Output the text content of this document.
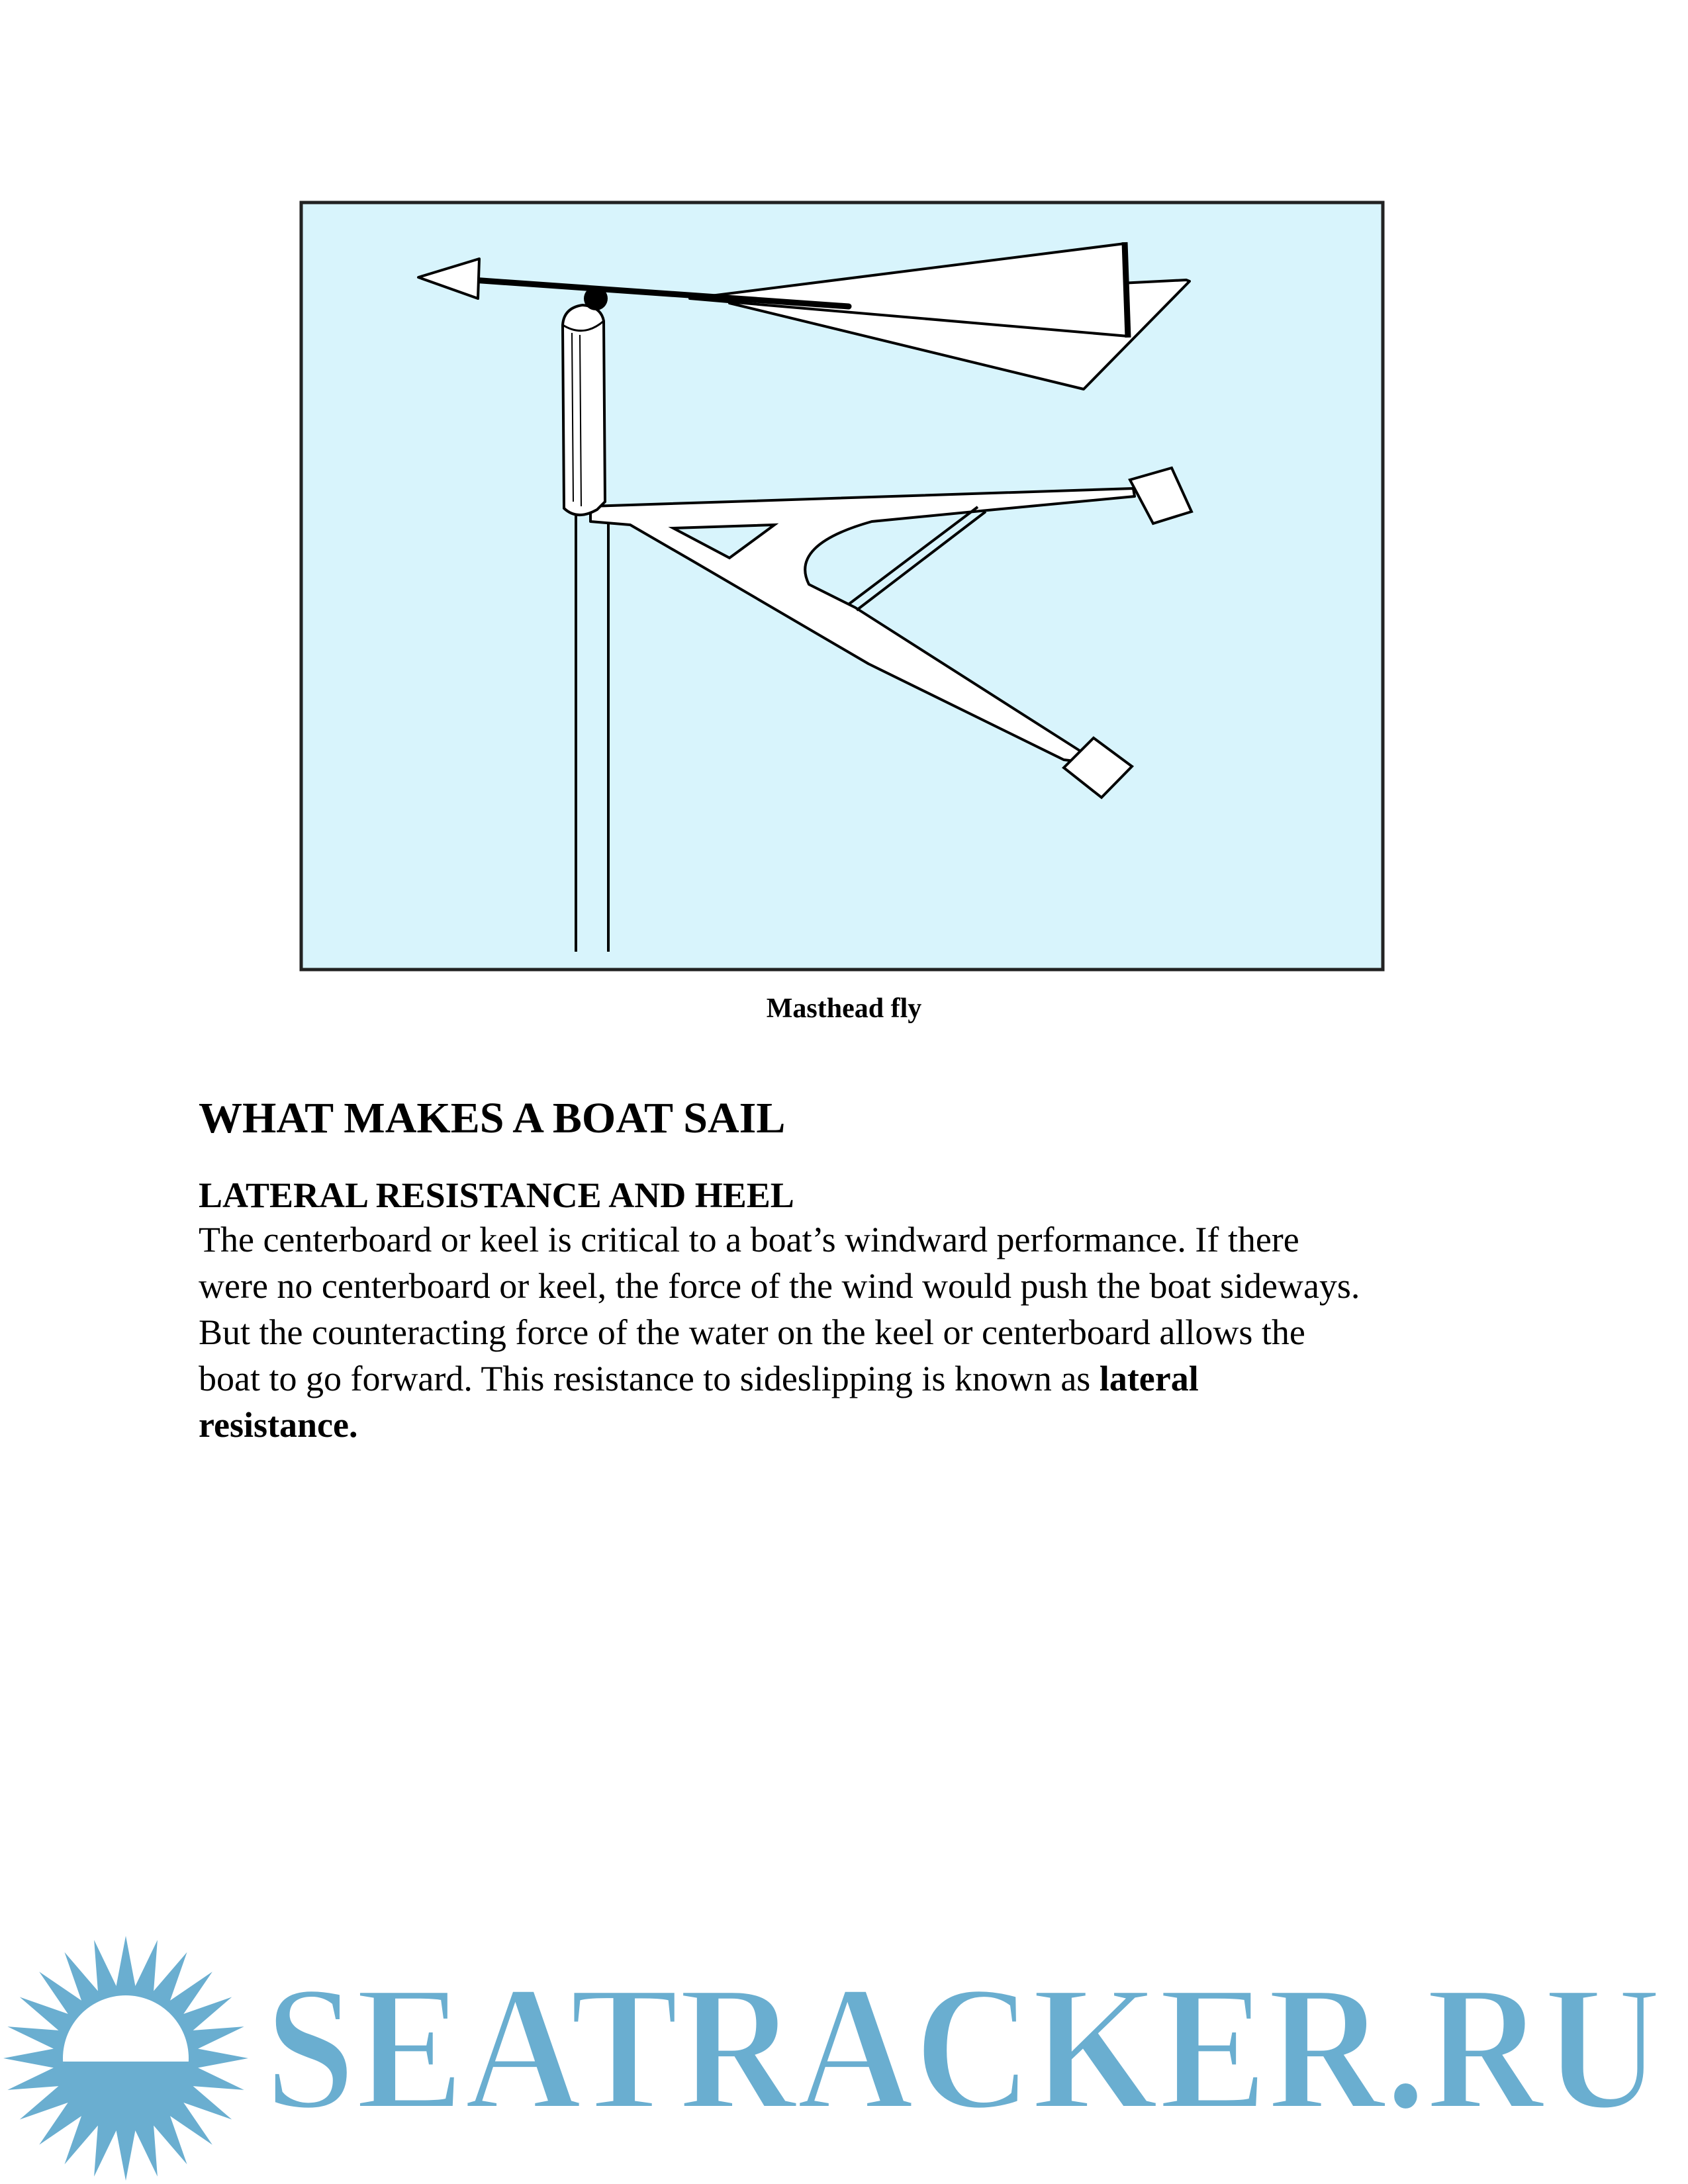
Masthead fly
WHAT MAKES A BOAT SAIL
LATERAL RESISTANCE AND HEEL

The centerboard or keel is critical to a boat’s windward performance. If there

were no centerboard or keel, the force of the wind would push the boat sideways.

But the counteracting force of the water on the keel or centerboard allows the

boat to go forward. This resistance to sideslipping is known as lateral

resistance.

SEATRACKER.RU
